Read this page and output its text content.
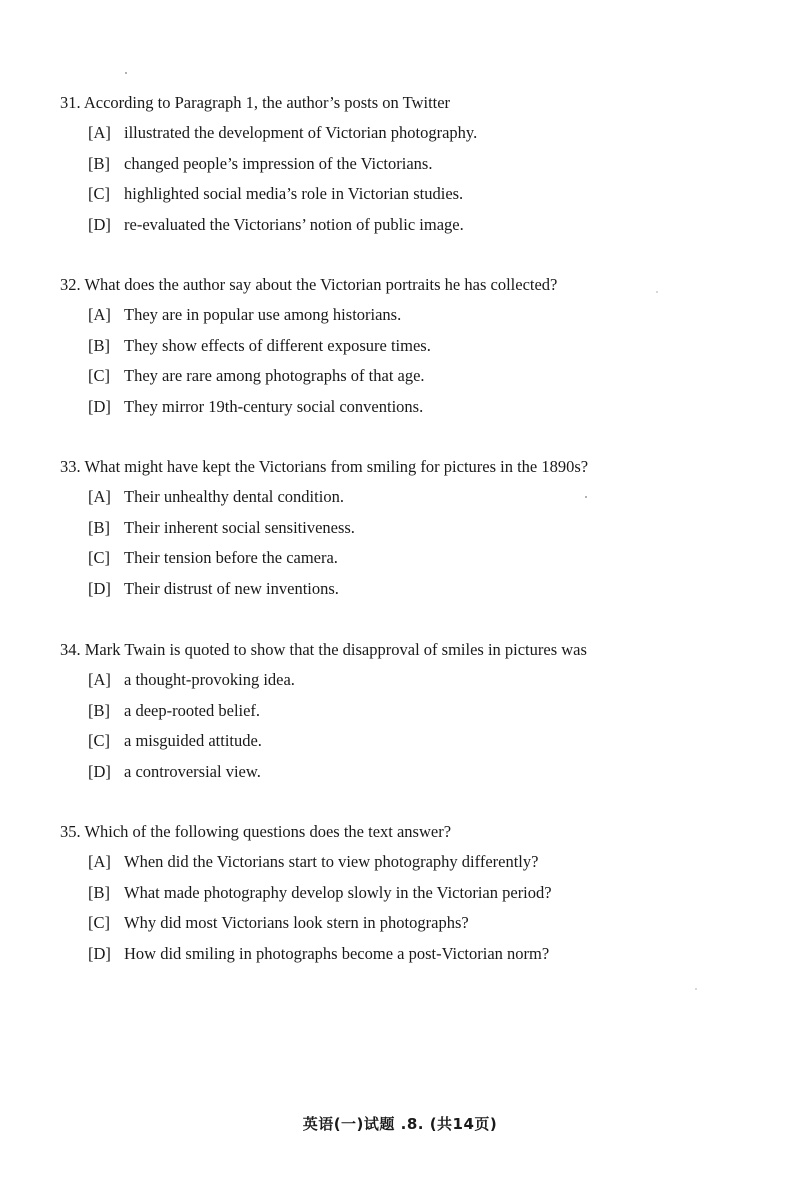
31. According to Paragraph 1, the author’s posts on Twitter
[A] illustrated the development of Victorian photography.
[B] changed people’s impression of the Victorians.
[C] highlighted social media’s role in Victorian studies.
[D] re-evaluated the Victorians’ notion of public image.
32. What does the author say about the Victorian portraits he has collected?
[A] They are in popular use among historians.
[B] They show effects of different exposure times.
[C] They are rare among photographs of that age.
[D] They mirror 19th-century social conventions.
33. What might have kept the Victorians from smiling for pictures in the 1890s?
[A] Their unhealthy dental condition.
[B] Their inherent social sensitiveness.
[C] Their tension before the camera.
[D] Their distrust of new inventions.
34. Mark Twain is quoted to show that the disapproval of smiles in pictures was
[A] a thought-provoking idea.
[B] a deep-rooted belief.
[C] a misguided attitude.
[D] a controversial view.
35. Which of the following questions does the text answer?
[A] When did the Victorians start to view photography differently?
[B] What made photography develop slowly in the Victorian period?
[C] Why did most Victorians look stern in photographs?
[D] How did smiling in photographs become a post-Victorian norm?
英语(一)试题 .8. (共14页)
